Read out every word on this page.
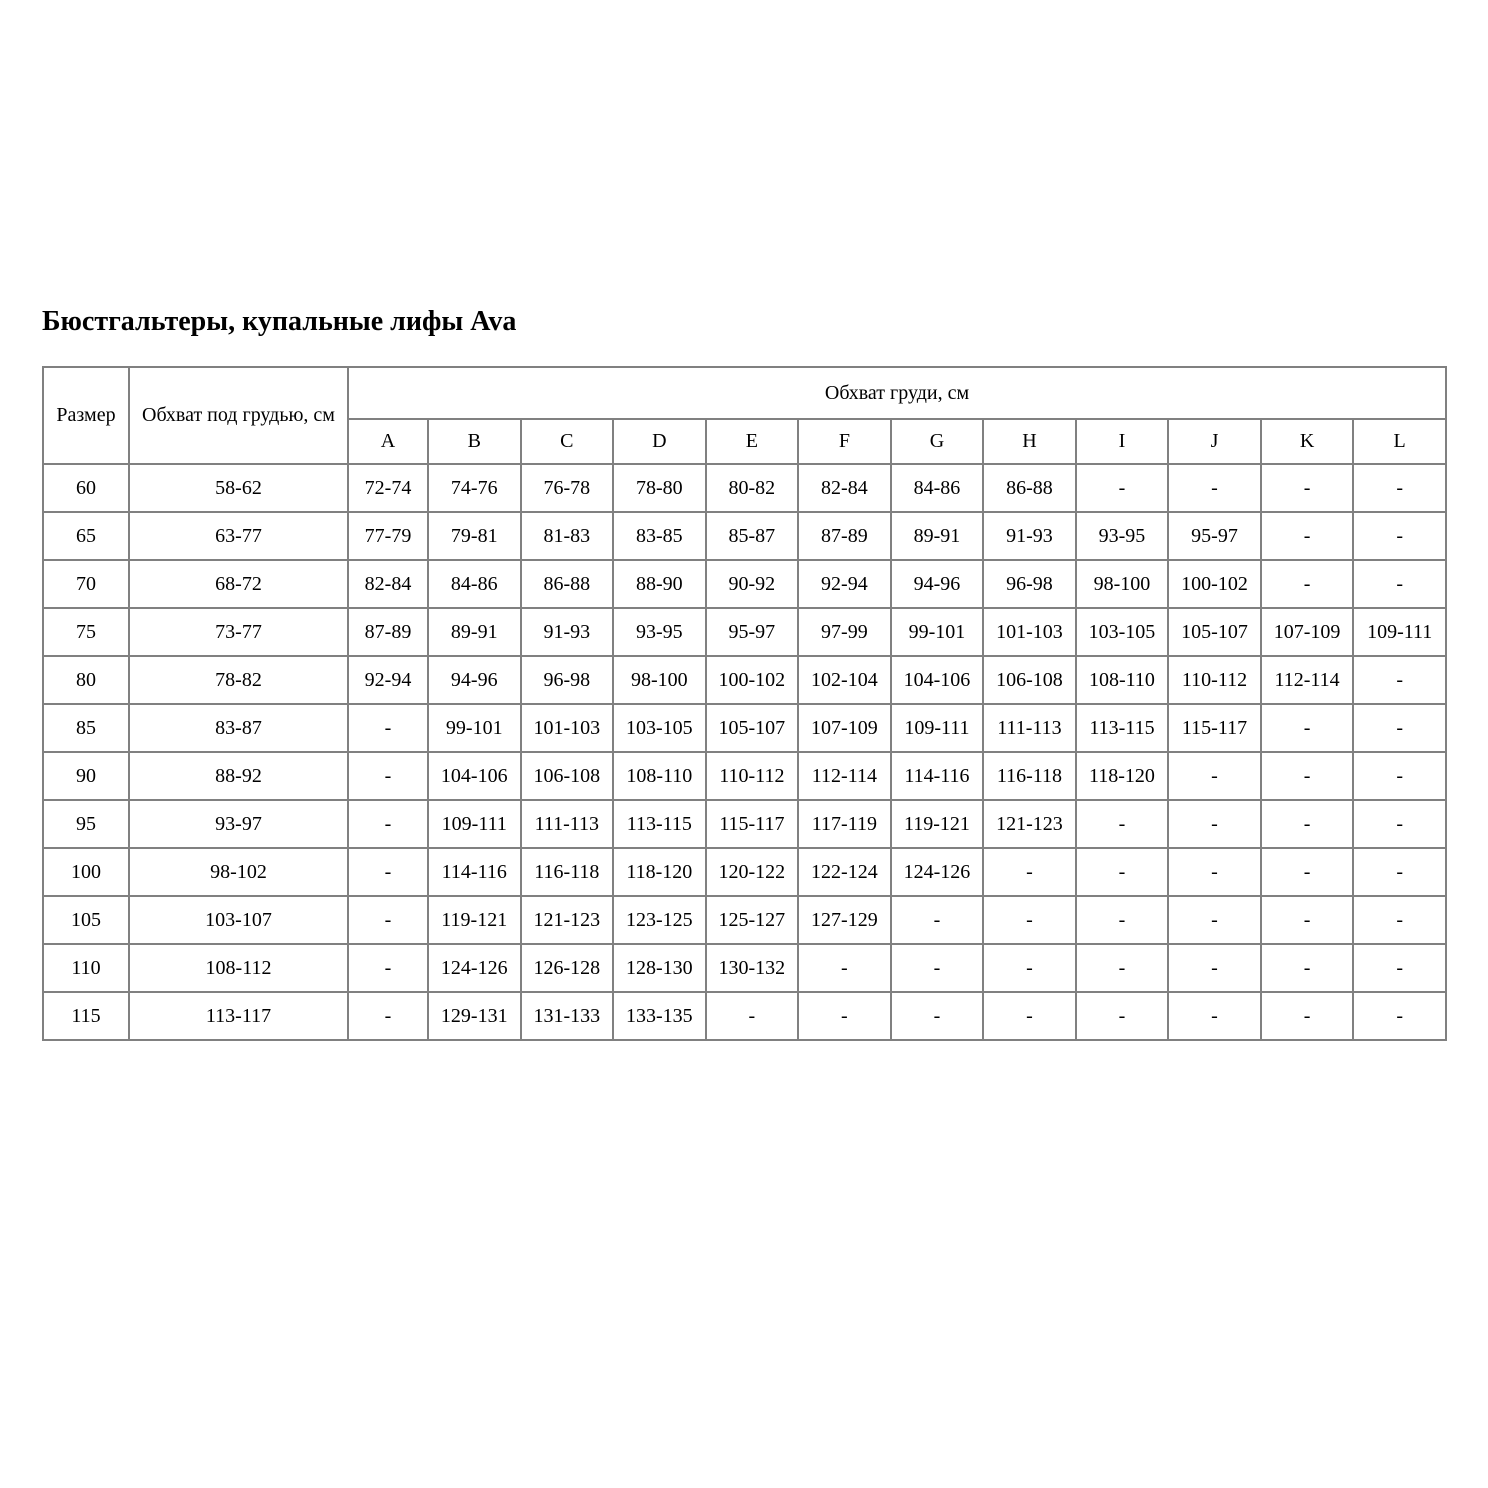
Бюстгальтеры, купальные лифы Ava
Размер	Обхват под грудью, см	Обхват груди, см											
		A	B	C	D	E	F	G	H	I	J	K	L
60	58-62	72-74	74-76	76-78	78-80	80-82	82-84	84-86	86-88	-	-	-	-
65	63-77	77-79	79-81	81-83	83-85	85-87	87-89	89-91	91-93	93-95	95-97	-	-
70	68-72	82-84	84-86	86-88	88-90	90-92	92-94	94-96	96-98	98-100	100-102	-	-
75	73-77	87-89	89-91	91-93	93-95	95-97	97-99	99-101	101-103	103-105	105-107	107-109	109-111
80	78-82	92-94	94-96	96-98	98-100	100-102	102-104	104-106	106-108	108-110	110-112	112-114	-
85	83-87	-	99-101	101-103	103-105	105-107	107-109	109-111	111-113	113-115	115-117	-	-
90	88-92	-	104-106	106-108	108-110	110-112	112-114	114-116	116-118	118-120	-	-	-
95	93-97	-	109-111	111-113	113-115	115-117	117-119	119-121	121-123	-	-	-	-
100	98-102	-	114-116	116-118	118-120	120-122	122-124	124-126	-	-	-	-	-
105	103-107	-	119-121	121-123	123-125	125-127	127-129	-	-	-	-	-	-
110	108-112	-	124-126	126-128	128-130	130-132	-	-	-	-	-	-	-
115	113-117	-	129-131	131-133	133-135	-	-	-	-	-	-	-	-
